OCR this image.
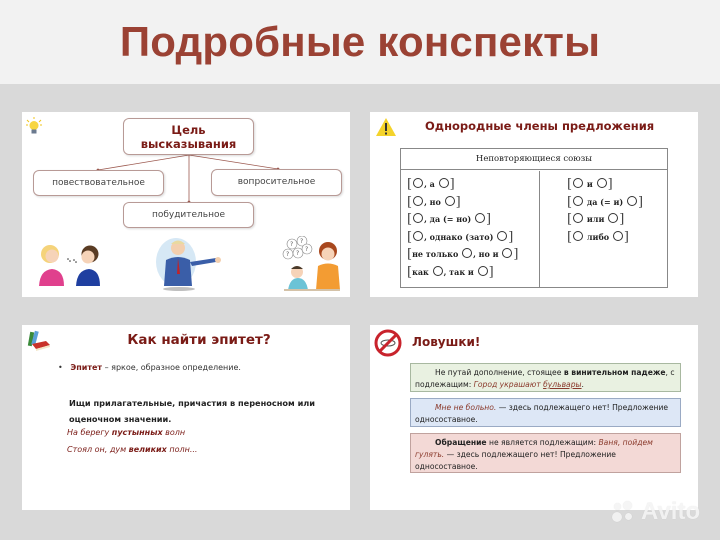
Подробные конспекты
Цель
высказывания
повествовательное	вопросительное
побудительное
? ?
? ?
?
Однородные члены предложения
Неповторяющиеся союзы
[ , а ]
[ , но ]
[ , да (= но) ]
[ , однако (зато) ]
[не только , но и ]
[как , так и ]
[ и ]
[ да (= и) ]
[ или ]
[ либо ]
Как найти эпитет?
•   Эпитет – яркое, образное определение.
Ищи прилагательные, причастия в переносном или оценочном значении.
На берегу пустынных волн
Стоял он, дум великих полн...
Ловушки!
Не путай дополнение, стоящее в винительном падеже, с подлежащим: Город украшают бульвары.
Мне не больно. — здесь подлежащего нет! Предложение односоставное.
Обращение не является подлежащим: Ваня, пойдем гулять. — здесь подлежащего нет! Предложение односоставное.
Avito
